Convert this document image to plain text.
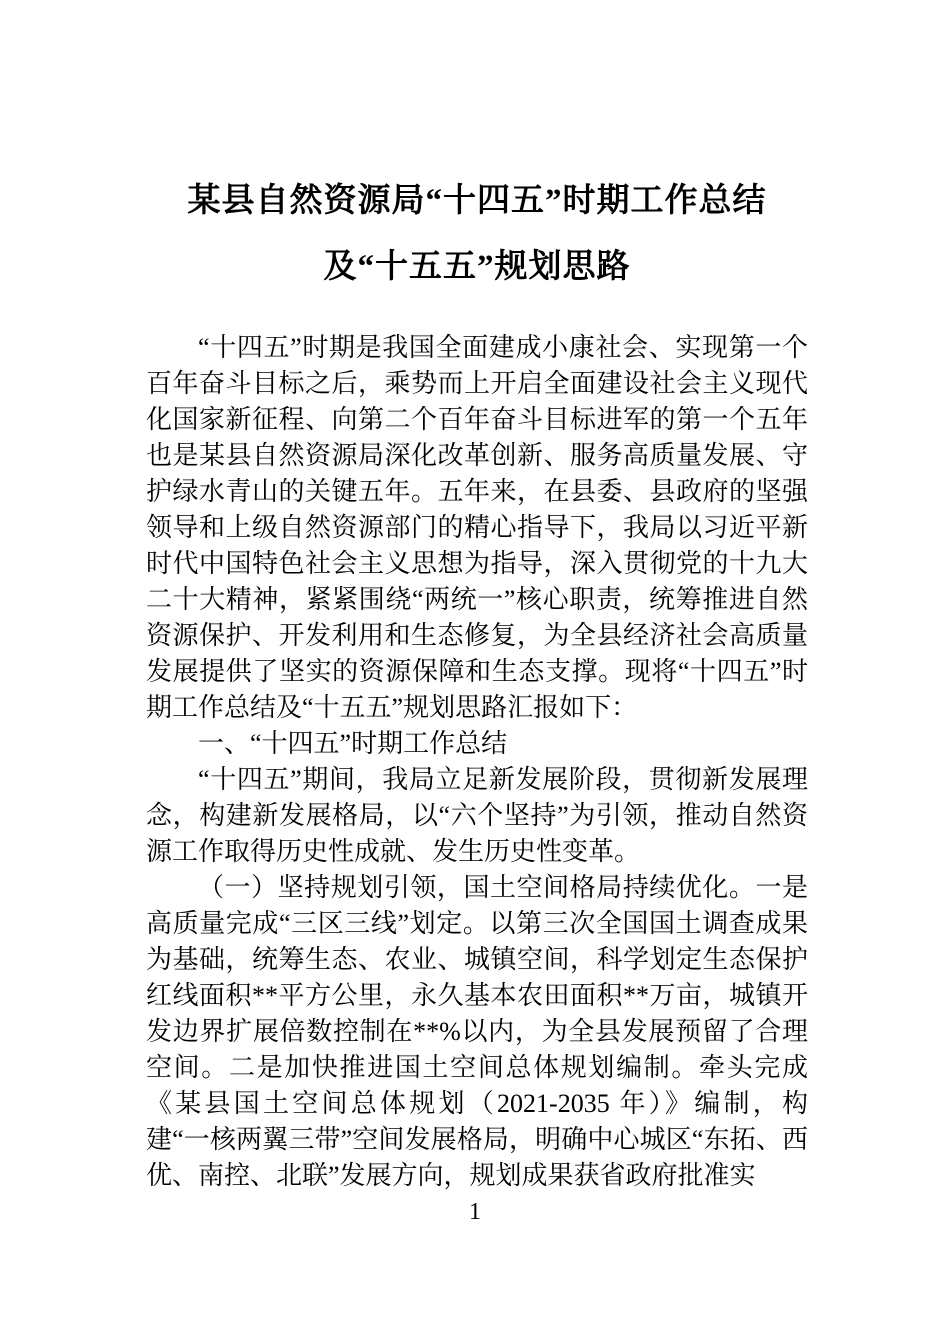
某县自然资源局“十四五”时期工作总结
及“十五五”规划思路

“十四五”时期是我国全面建成小康社会、实现第一个百年奋斗目标之后，乘势而上开启全面建设社会主义现代化国家新征程、向第二个百年奋斗目标进军的第一个五年也是某县自然资源局深化改革创新、服务高质量发展、守护绿水青山的关键五年。五年来，在县委、县政府的坚强领导和上级自然资源部门的精心指导下，我局以习近平新时代中国特色社会主义思想为指导，深入贯彻党的十九大二十大精神，紧紧围绕“两统一”核心职责，统筹推进自然资源保护、开发利用和生态修复，为全县经济社会高质量发展提供了坚实的资源保障和生态支撑。现将“十四五”时期工作总结及“十五五”规划思路汇报如下：

一、“十四五”时期工作总结

“十四五”期间，我局立足新发展阶段，贯彻新发展理念，构建新发展格局，以“六个坚持”为引领，推动自然资源工作取得历史性成就、发生历史性变革。

（一）坚持规划引领，国土空间格局持续优化。一是高质量完成“三区三线”划定。以第三次全国国土调查成果为基础，统筹生态、农业、城镇空间，科学划定生态保护红线面积**平方公里，永久基本农田面积**万亩，城镇开发边界扩展倍数控制在**%以内，为全县发展预留了合理空间。二是加快推进国土空间总体规划编制。牵头完成《某县国土空间总体规划（2021-2035 年）》编制，构建“一核两翼三带”空间发展格局，明确中心城区“东拓、西优、南控、北联”发展方向，规划成果获省政府批准实

1
